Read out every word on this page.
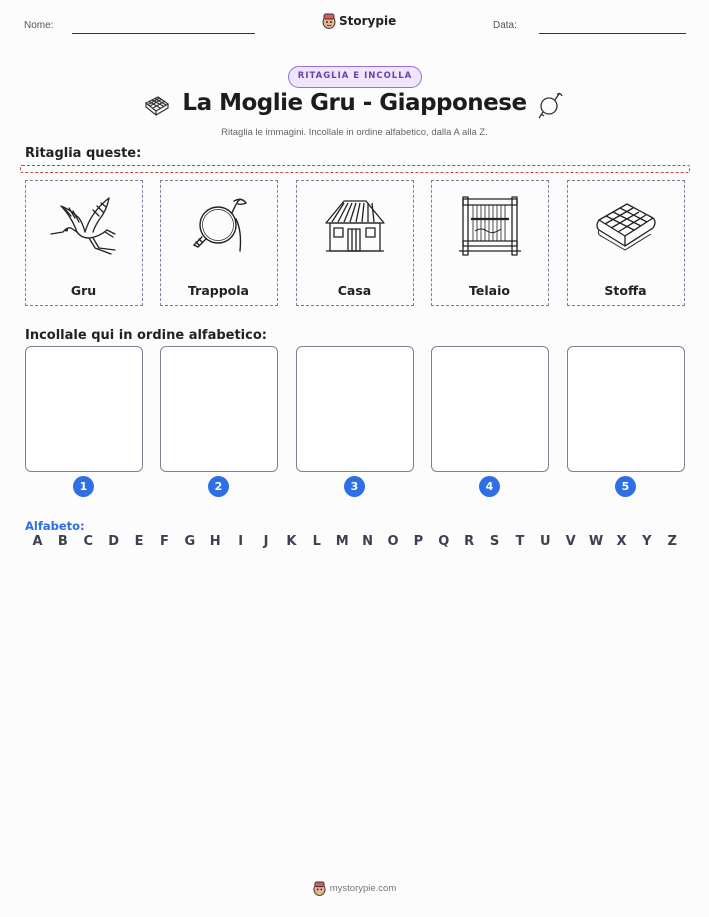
Nome:	Storypie	Data:
RITAGLIA E INCOLLA
La Moglie Gru - Giapponese
Ritaglia le immagini. Incollale in ordine alfabetico, dalla A alla Z.
Ritaglia queste:
Gru	Trappola	Casa	Telaio	Stoffa
Incollale qui in ordine alfabetico:
1	2	3	4	5
Alfabeto:
A	B	C	D	E	F	G	H	I	J	K	L	M	N	O	P	Q	R	S	T	U	V	W	X	Y	Z
mystorypie.com
